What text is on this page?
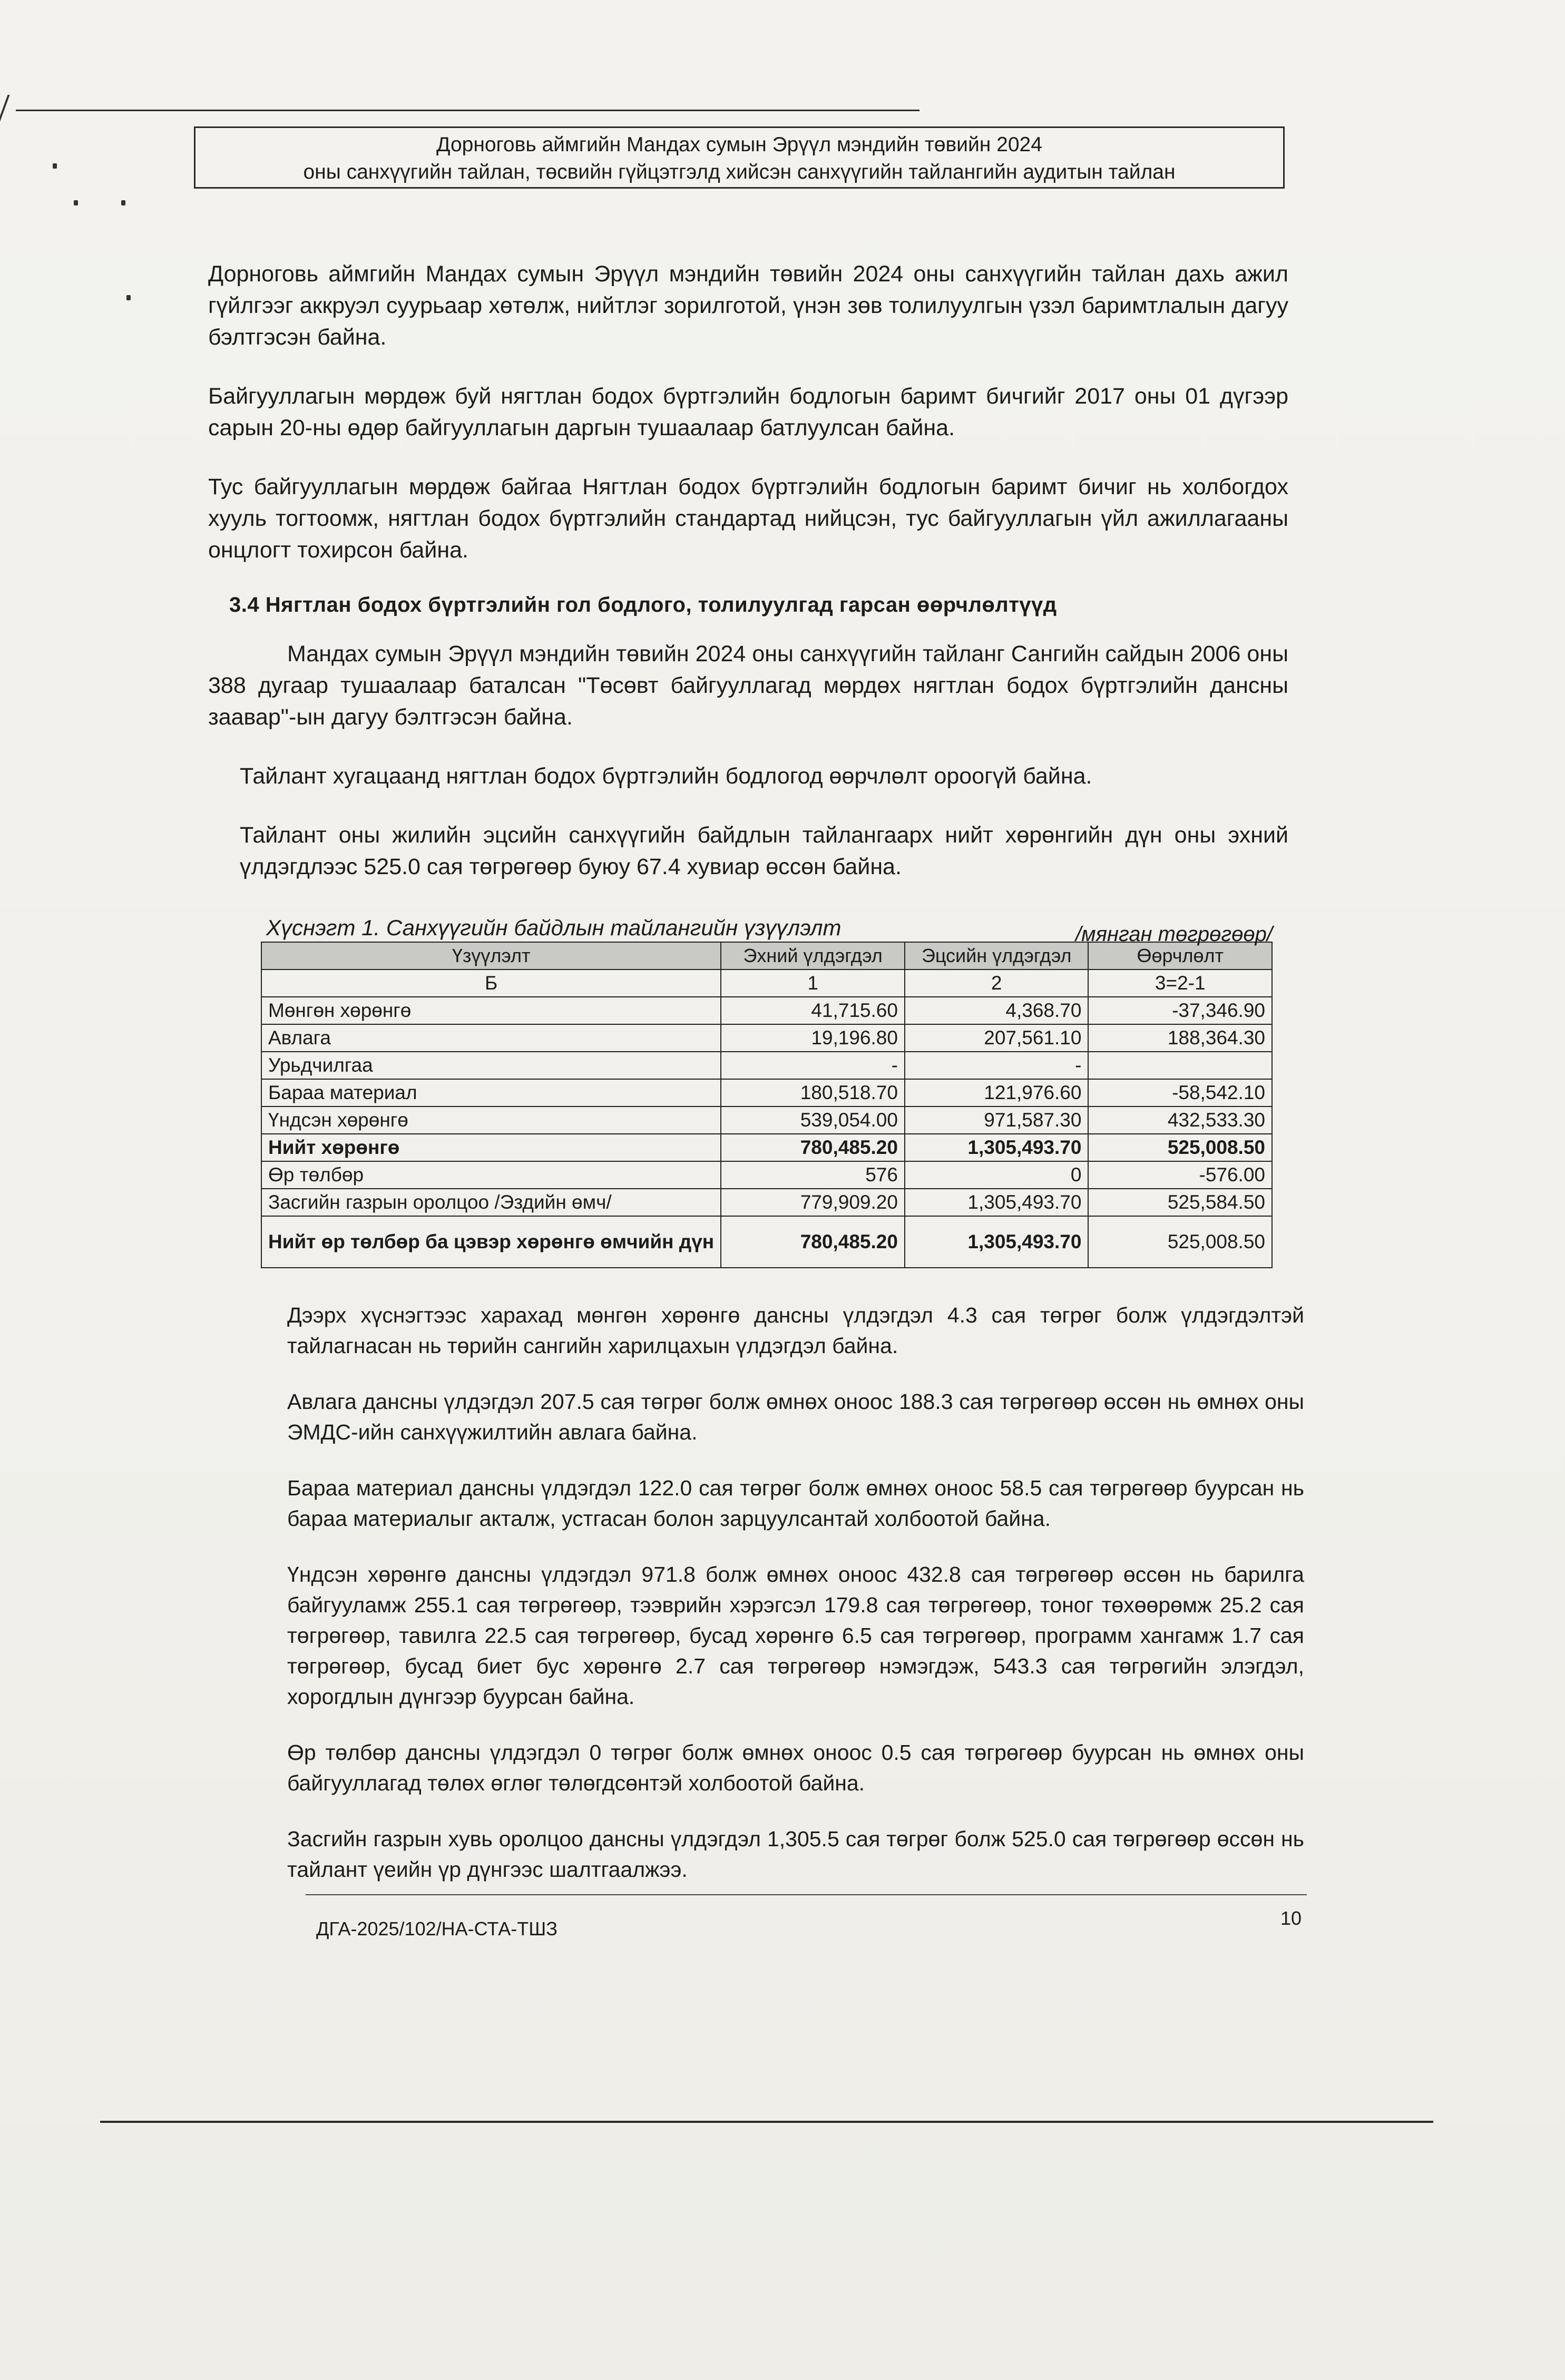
Дорноговь аймгийн Мандах сумын Эрүүл мэндийн төвийн 2024
оны санхүүгийн тайлан, төсвийн гүйцэтгэлд хийсэн санхүүгийн тайлангийн аудитын тайлан

Дорноговь аймгийн Мандах сумын Эрүүл мэндийн төвийн 2024 оны санхүүгийн тайлан дахь ажил гүйлгээг аккруэл суурьаар хөтөлж, нийтлэг зорилготой, үнэн зөв толилуулгын үзэл баримтлалын дагуу бэлтгэсэн байна.

Байгууллагын мөрдөж буй нягтлан бодох бүртгэлийн бодлогын баримт бичгийг 2017 оны 01 дүгээр сарын 20-ны өдөр байгууллагын даргын тушаалаар батлуулсан байна.

Тус байгууллагын мөрдөж байгаа Нягтлан бодох бүртгэлийн бодлогын баримт бичиг нь холбогдох хууль тогтоомж, нягтлан бодох бүртгэлийн стандартад нийцсэн, тус байгууллагын үйл ажиллагааны онцлогт тохирсон байна.

3.4 Нягтлан бодох бүртгэлийн гол бодлого, толилуулгад гарсан өөрчлөлтүүд

Мандах сумын Эрүүл мэндийн төвийн 2024 оны санхүүгийн тайланг Сангийн сайдын 2006 оны 388 дугаар тушаалаар баталсан "Төсөвт байгууллагад мөрдөх нягтлан бодох бүртгэлийн дансны заавар"-ын дагуу бэлтгэсэн байна.

Тайлант хугацаанд нягтлан бодох бүртгэлийн бодлогод өөрчлөлт ороогүй байна.

Тайлант оны жилийн эцсийн санхүүгийн байдлын тайлангаарх нийт хөрөнгийн дүн оны эхний үлдэгдлээс 525.0 сая төгрөгөөр буюу 67.4 хувиар өссөн байна.

Хүснэгт 1. Санхүүгийн байдлын тайлангийн үзүүлэлт	/мянган төгрөгөөр/
Үзүүлэлт	Эхний үлдэгдэл	Эцсийн үлдэгдэл	Өөрчлөлт
Б	1	2	3=2-1
Мөнгөн хөрөнгө	41,715.60	4,368.70	-37,346.90
Авлага	19,196.80	207,561.10	188,364.30
Урьдчилгаа	-	-	
Бараа материал	180,518.70	121,976.60	-58,542.10
Үндсэн хөрөнгө	539,054.00	971,587.30	432,533.30
Нийт хөрөнгө	780,485.20	1,305,493.70	525,008.50
Өр төлбөр	576	0	-576.00
Засгийн газрын оролцоо /Эздийн өмч/	779,909.20	1,305,493.70	525,584.50
Нийт өр төлбөр ба цэвэр хөрөнгө өмчийн дүн	780,485.20	1,305,493.70	525,008.50

Дээрх хүснэгтээс харахад мөнгөн хөрөнгө дансны үлдэгдэл 4.3 сая төгрөг болж үлдэгдэлтэй тайлагнасан нь төрийн сангийн харилцахын үлдэгдэл байна.

Авлага дансны үлдэгдэл 207.5 сая төгрөг болж өмнөх оноос 188.3 сая төгрөгөөр өссөн нь өмнөх оны ЭМДС-ийн санхүүжилтийн авлага байна.

Бараа материал дансны үлдэгдэл 122.0 сая төгрөг болж өмнөх оноос 58.5 сая төгрөгөөр буурсан нь бараа материалыг акталж, устгасан болон зарцуулсантай холбоотой байна.

Үндсэн хөрөнгө дансны үлдэгдэл 971.8 болж өмнөх оноос 432.8 сая төгрөгөөр өссөн нь барилга байгууламж 255.1 сая төгрөгөөр, тээврийн хэрэгсэл 179.8 сая төгрөгөөр, тоног төхөөрөмж 25.2 сая төгрөгөөр, тавилга 22.5 сая төгрөгөөр, бусад хөрөнгө 6.5 сая төгрөгөөр, программ хангамж 1.7 сая төгрөгөөр, бусад биет бус хөрөнгө 2.7 сая төгрөгөөр нэмэгдэж, 543.3 сая төгрөгийн элэгдэл, хорогдлын дүнгээр буурсан байна.

Өр төлбөр дансны үлдэгдэл 0 төгрөг болж өмнөх оноос 0.5 сая төгрөгөөр буурсан нь өмнөх оны байгууллагад төлөх өглөг төлөгдсөнтэй холбоотой байна.

Засгийн газрын хувь оролцоо дансны үлдэгдэл 1,305.5 сая төгрөг болж 525.0 сая төгрөгөөр өссөн нь тайлант үеийн үр дүнгээс шалтгаалжээ.

ДГА-2025/102/НА-СТА-ТШЗ	10
